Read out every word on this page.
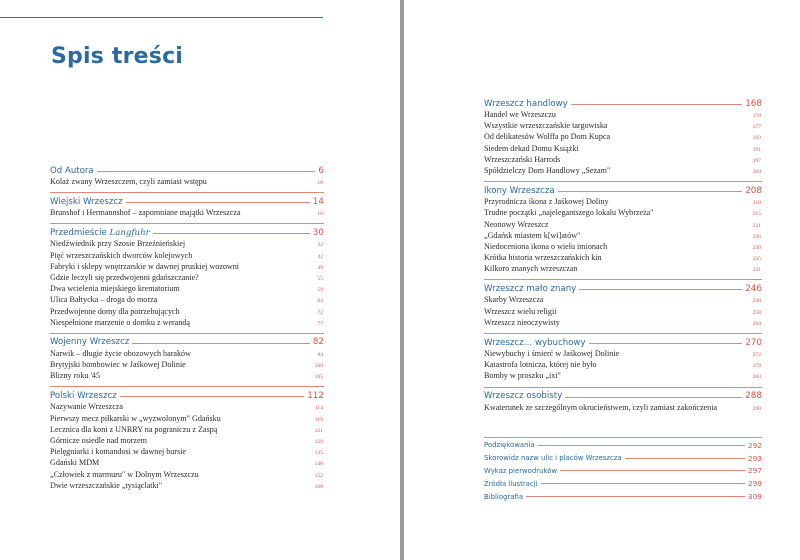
Spis treści
Od Autora	6
Kolaż zwany Wrzeszczem, czyli zamiast wstępu	10
Wiejski Wrzeszcz	14
Brunshof i Hermannshof – zapomniane majątki Wrzeszcza	16
Przedmieście Langfuhr	30
Niedźwiednik przy Szosie Brzeźnieńskiej	32
Pięć wrzeszczańskich dworców kolejowych	42
Fabryki i sklepy wnętrzarskie w dawnej pruskiej wozowni	49
Gdzie leczyli się przedwojenni gdańszczanie?	55
Dwa wcielenia miejskiego krematorium	59
Ulica Bałtycka – droga do morza	64
Przedwojenne domy dla potrzebujących	72
Niespełnione marzenie o domku z werandą	77
Wojenny Wrzeszcz	82
Narwik – długie życie obozowych baraków	84
Brytyjski bombowiec w Jaśkowej Dolinie	100
Blizny roku '45	105
Polski Wrzeszcz	112
Nazywanie Wrzeszcza	114
Pierwszy mecz piłkarski w „wyzwolonym" Gdańsku	119
Lecznica dla koni z UNRRY na pograniczu z Zaspą	121
Górnicze osiedle nad morzem	128
Pielęgniarki i komandosi w dawnej bursie	135
Gdański MDM	140
„Człowiek z marmuru" w Dolnym Wrzeszczu	152
Dwie wrzeszczańskie „tysiąclatki"	160
Wrzeszcz handlowy	168
Handel we Wrzeszczu	170
Wszystkie wrzeszczańskie targowiska	177
Od delikatesów Wolffa po Dom Kupca	183
Siedem dekad Domu Książki	191
Wrzeszczański Harrods	197
Spółdzielczy Dom Handlowy „Sezam"	204
Ikony Wrzeszcza	208
Przyrodnicza ikona z Jaśkowej Doliny	210
Trudne początki „najelegantszego lokalu Wybrzeża"	215
Neonowy Wrzeszcz	221
„Gdańsk miastem k[wi]atów"	226
Niedoceniona ikona o wielu imionach	230
Krótka historia wrzeszczańskich kin	235
Kilkoro znanych wrzeszczan	241
Wrzeszcz mało znany	246
Skarby Wrzeszcza	248
Wrzeszcz wielu religii	258
Wrzeszcz nieoczywisty	264
Wrzeszcz… wybuchowy	270
Niewybuchy i śmierć w Jaśkowej Dolinie	272
Katastrofa lotnicza, której nie było	279
Bomby w proszku „ixi"	283
Wrzeszcz osobisty	288
Kwaterunek ze szczególnym okrucieństwem, czyli zamiast zakończenia	290
Podziękowania	292
Skorowidz nazw ulic i placów Wrzeszcza	293
Wykaz pierwodruków	297
Źródła ilustracji	299
Bibliografia	309
